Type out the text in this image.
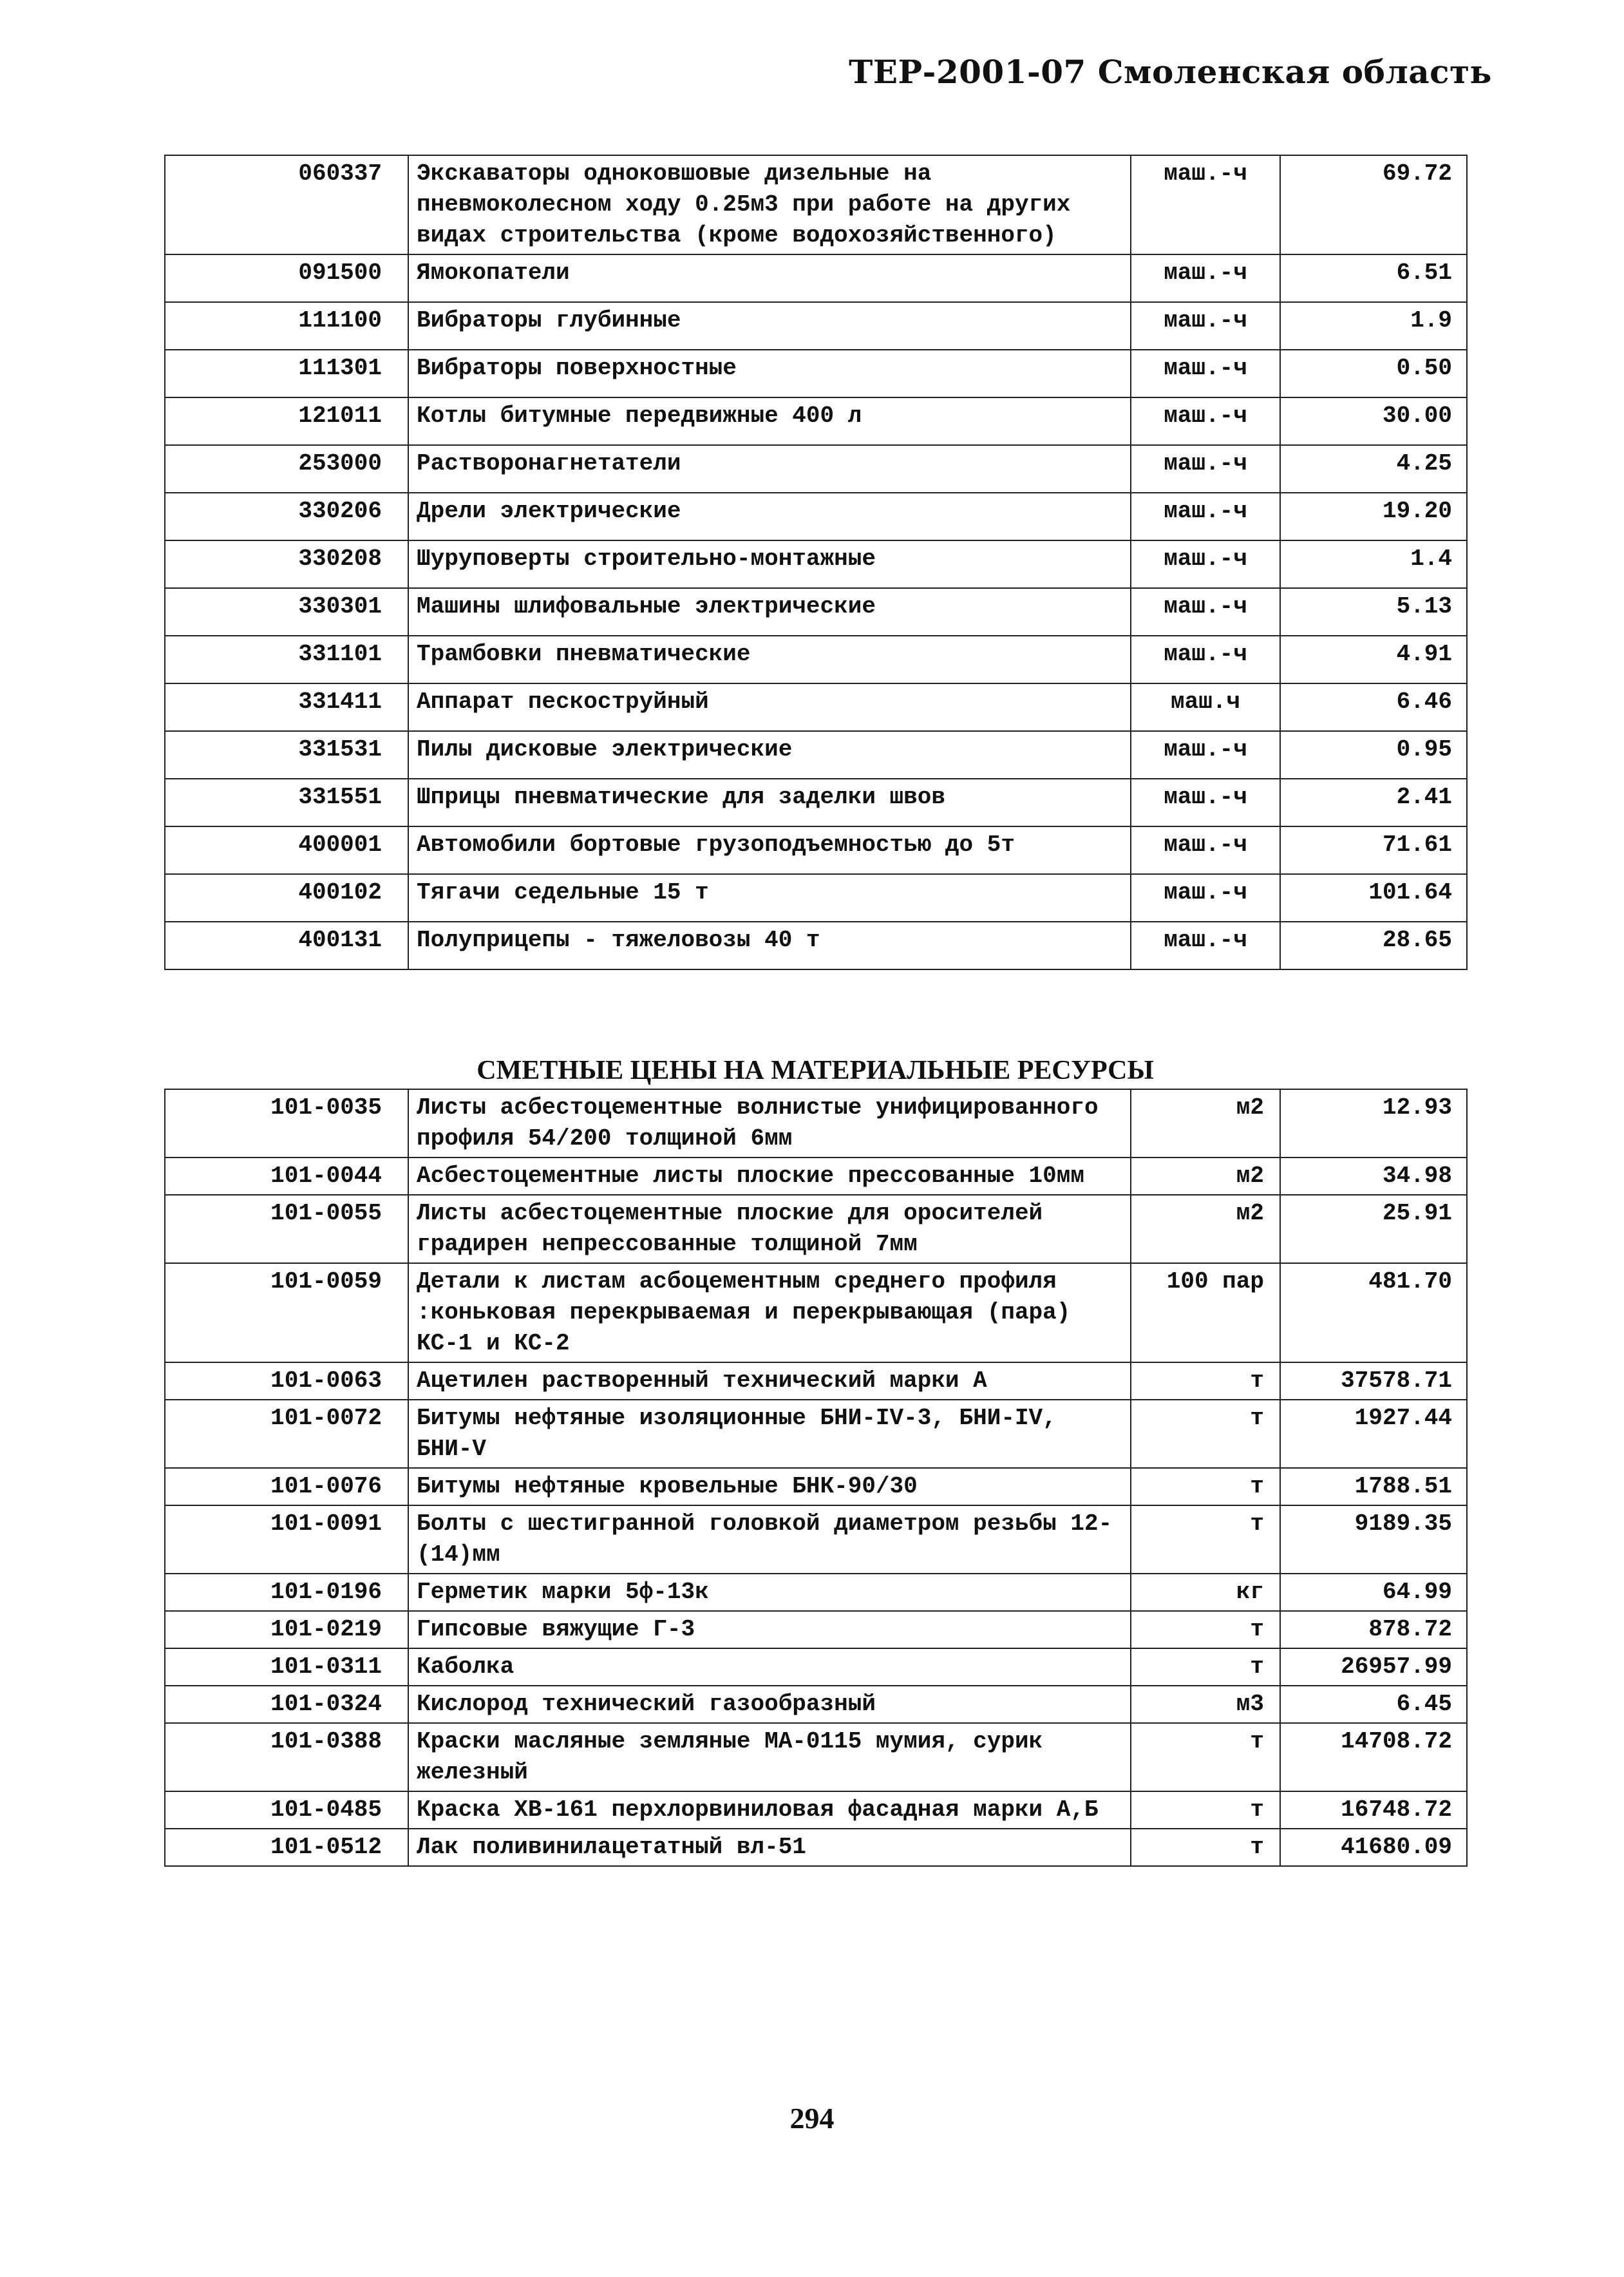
ТЕР-2001-07 Смоленская область
060337	Экскаваторы одноковшовые дизельные на пневмоколесном ходу 0.25м3 при работе на других видах строительства (кроме водохозяйственного)	маш.-ч	69.72
091500	Ямокопатели	маш.-ч	6.51
111100	Вибраторы глубинные	маш.-ч	1.9
111301	Вибраторы поверхностные	маш.-ч	0.50
121011	Котлы битумные передвижные 400 л	маш.-ч	30.00
253000	Растворонагнетатели	маш.-ч	4.25
330206	Дрели электрические	маш.-ч	19.20
330208	Шуруповерты строительно-монтажные	маш.-ч	1.4
330301	Машины шлифовальные электрические	маш.-ч	5.13
331101	Трамбовки пневматические	маш.-ч	4.91
331411	Аппарат пескоструйный	маш.ч	6.46
331531	Пилы дисковые электрические	маш.-ч	0.95
331551	Шприцы пневматические для заделки швов	маш.-ч	2.41
400001	Автомобили бортовые грузоподъемностью до 5т	маш.-ч	71.61
400102	Тягачи седельные 15 т	маш.-ч	101.64
400131	Полуприцепы - тяжеловозы 40 т	маш.-ч	28.65
СМЕТНЫЕ ЦЕНЫ НА МАТЕРИАЛЬНЫЕ РЕСУРСЫ
101-0035	Листы асбестоцементные волнистые унифицированного профиля 54/200 толщиной 6мм	м2	12.93
101-0044	Асбестоцементные листы плоские прессованные 10мм	м2	34.98
101-0055	Листы асбестоцементные плоские для оросителей градирен непрессованные толщиной 7мм	м2	25.91
101-0059	Детали к листам асбоцементным среднего профиля :коньковая перекрываемая и перекрывающая (пара) КС-1 и КС-2	100 пар	481.70
101-0063	Ацетилен растворенный технический марки А	т	37578.71
101-0072	Битумы нефтяные изоляционные БНИ-IV-3, БНИ-IV, БНИ-V	т	1927.44
101-0076	Битумы нефтяные кровельные БНК-90/30	т	1788.51
101-0091	Болты с шестигранной головкой диаметром резьбы 12-(14)мм	т	9189.35
101-0196	Герметик марки 5ф-13к	кг	64.99
101-0219	Гипсовые вяжущие Г-3	т	878.72
101-0311	Каболка	т	26957.99
101-0324	Кислород технический газообразный	м3	6.45
101-0388	Краски масляные земляные МА-0115 мумия, сурик железный	т	14708.72
101-0485	Краска ХВ-161 перхлорвиниловая фасадная марки А,Б	т	16748.72
101-0512	Лак поливинилацетатный вл-51	т	41680.09
294
